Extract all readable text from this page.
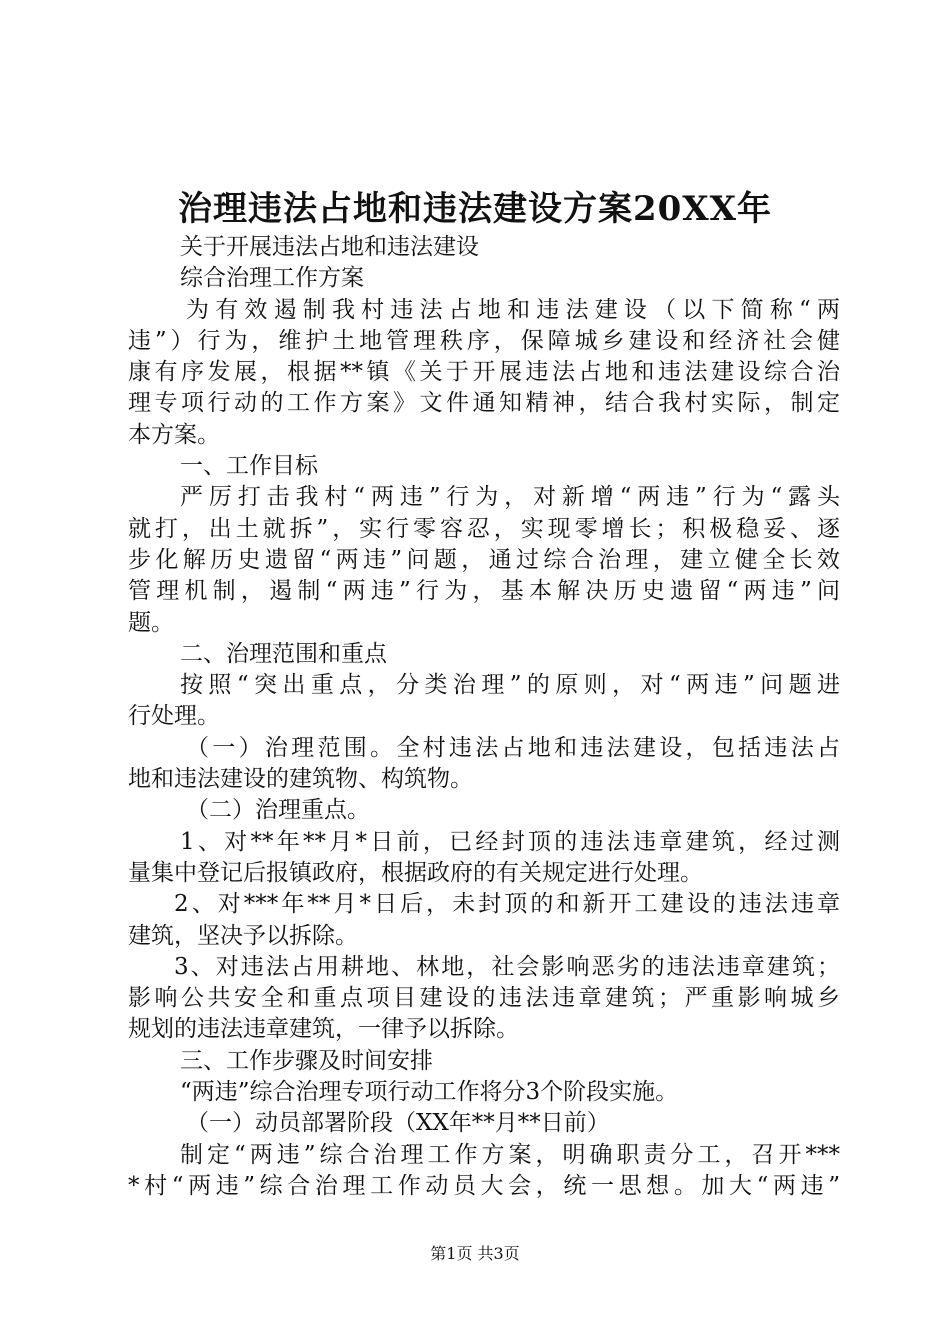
治理违法占地和违法建设方案20XX年
关于开展违法占地和违法建设
综合治理工作方案
为有效遏制我村违法占地和违法建设（以下简称“两
违”）行为，维护土地管理秩序，保障城乡建设和经济社会健
康有序发展，根据**镇《关于开展违法占地和违法建设综合治
理专项行动的工作方案》文件通知精神，结合我村实际，制定
本方案。
一、工作目标
严厉打击我村“两违”行为，对新增“两违”行为“露头
就打，出土就拆”，实行零容忍，实现零增长；积极稳妥、逐
步化解历史遗留“两违”问题，通过综合治理，建立健全长效
管理机制，遏制“两违”行为，基本解决历史遗留“两违”问
题。
二、治理范围和重点
按照“突出重点，分类治理”的原则，对“两违”问题进
行处理。
（一）治理范围。全村违法占地和违法建设，包括违法占
地和违法建设的建筑物、构筑物。
（二）治理重点。
1、对**年**月*日前，已经封顶的违法违章建筑，经过测
量集中登记后报镇政府，根据政府的有关规定进行处理。
2、对***年**月*日后，未封顶的和新开工建设的违法违章
建筑，坚决予以拆除。
3、对违法占用耕地、林地，社会影响恶劣的违法违章建筑；
影响公共安全和重点项目建设的违法违章建筑；严重影响城乡
规划的违法违章建筑，一律予以拆除。
三、工作步骤及时间安排
“两违”综合治理专项行动工作将分3个阶段实施。
（一）动员部署阶段（XX年**月**日前）
制定“两违”综合治理工作方案，明确职责分工，召开***
*村“两违”综合治理工作动员大会，统一思想。加大“两违”
第1页 共3页
